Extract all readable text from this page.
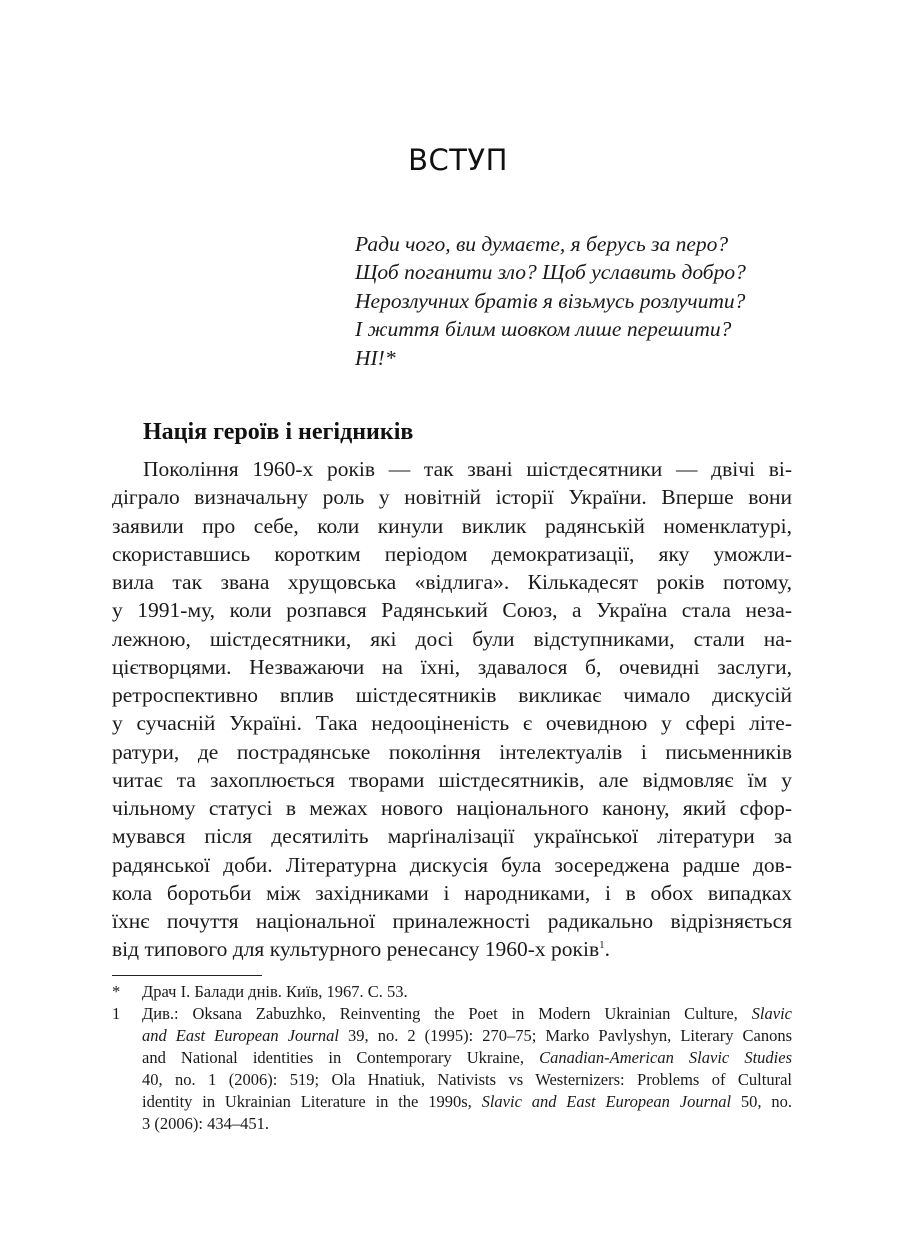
ВСТУП
Ради чого, ви думаєте, я берусь за перо?
Щоб поганити зло? Щоб уславить добро?
Нерозлучних братів я візьмусь розлучити?
І життя білим шовком лише перешити?
НІ!*
Нація героїв і негідників
Покоління 1960-х років — так звані шістдесятники — двічі ві-
діграло визначальну роль у новітній історії України. Вперше вони
заявили про себе, коли кинули виклик радянській номенклатурі,
скориставшись коротким періодом демократизації, яку уможли-
вила так звана хрущовська «відлига». Кількадесят років потому,
у 1991-му, коли розпався Радянський Союз, а Україна стала неза-
лежною, шістдесятники, які досі були відступниками, стали на-
цієтворцями. Незважаючи на їхні, здавалося б, очевидні заслуги,
ретроспективно вплив шістдесятників викликає чимало дискусій
у сучасній Україні. Така недооціненість є очевидною у сфері літе-
ратури, де пострадянське покоління інтелектуалів і письменників
читає та захоплюється творами шістдесятників, але відмовляє їм у
чільному статусі в межах нового національного канону, який сфор-
мувався після десятиліть марґіналізації української літератури за
радянської доби. Літературна дискусія була зосереджена радше дов-
кола боротьби між західниками і народниками, і в обох випадках
їхнє почуття національної приналежності радикально відрізняється
від типового для культурного ренесансу 1960-х років$^1$.
* Драч І. Балади днів. Київ, 1967. С. 53.
1 Див.: Oksana Zabuzhko, Reinventing the Poet in Modern Ukrainian Culture, Slavic
and East European Journal 39, no. 2 (1995): 270–75; Marko Pavlyshyn, Literary Canons
and National identities in Contemporary Ukraine, Canadian-American Slavic Studies
40, no. 1 (2006): 519; Ola Hnatiuk, Nativists vs Westernizers: Problems of Cultural
identity in Ukrainian Literature in the 1990s, Slavic and East European Journal 50, no.
3 (2006): 434–451.
